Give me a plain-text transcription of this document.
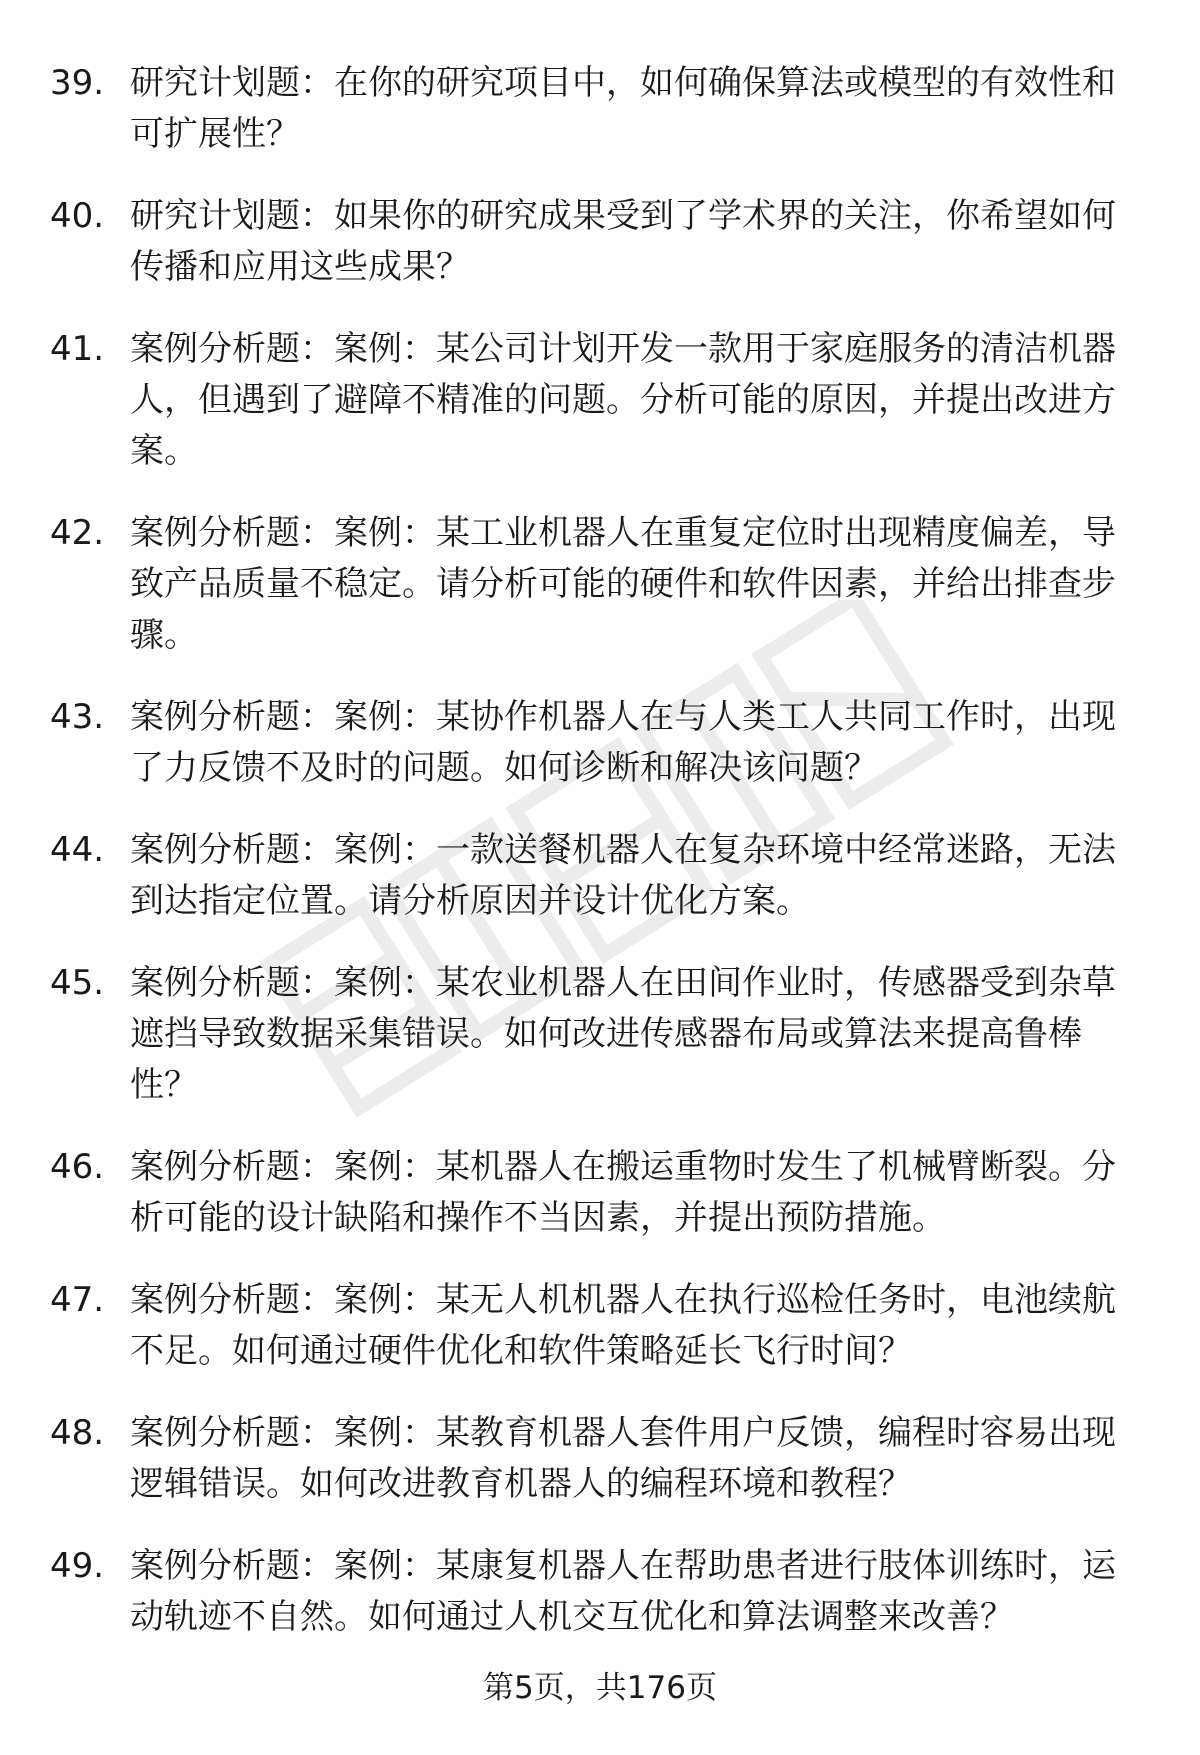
39. 研究计划题：在你的研究项目中，如何确保算法或模型的有效性和可扩展性？
40. 研究计划题：如果你的研究成果受到了学术界的关注，你希望如何传播和应用这些成果？
41. 案例分析题：案例：某公司计划开发一款用于家庭服务的清洁机器人，但遇到了避障不精准的问题。分析可能的原因，并提出改进方案。
42. 案例分析题：案例：某工业机器人在重复定位时出现精度偏差，导致产品质量不稳定。请分析可能的硬件和软件因素，并给出排查步骤。
43. 案例分析题：案例：某协作机器人在与人类工人共同工作时，出现了力反馈不及时的问题。如何诊断和解决该问题？
44. 案例分析题：案例：一款送餐机器人在复杂环境中经常迷路，无法到达指定位置。请分析原因并设计优化方案。
45. 案例分析题：案例：某农业机器人在田间作业时，传感器受到杂草遮挡导致数据采集错误。如何改进传感器布局或算法来提高鲁棒性？
46. 案例分析题：案例：某机器人在搬运重物时发生了机械臂断裂。分析可能的设计缺陷和操作不当因素，并提出预防措施。
47. 案例分析题：案例：某无人机机器人在执行巡检任务时，电池续航不足。如何通过硬件优化和软件策略延长飞行时间？
48. 案例分析题：案例：某教育机器人套件用户反馈，编程时容易出现逻辑错误。如何改进教育机器人的编程环境和教程？
49. 案例分析题：案例：某康复机器人在帮助患者进行肢体训练时，运动轨迹不自然。如何通过人机交互优化和算法调整来改善？
第5页，共176页
